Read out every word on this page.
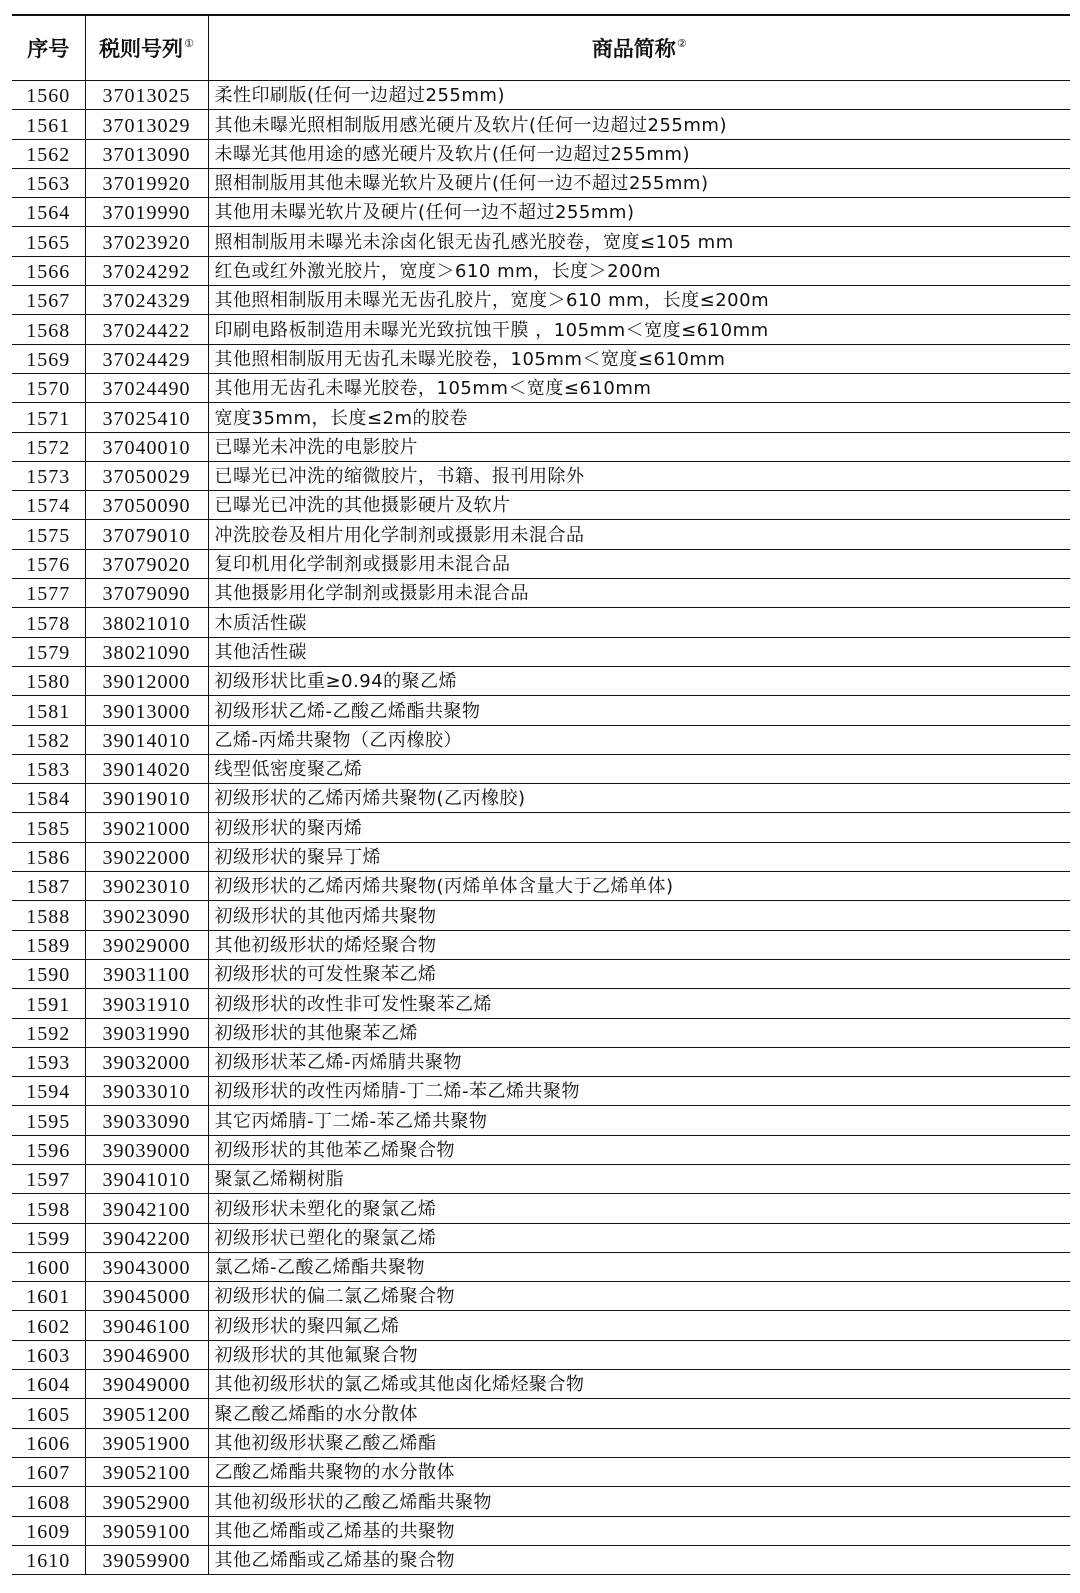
序号	税则号列①	商品简称②
1560	37013025	柔性印刷版(任何一边超过255mm)
1561	37013029	其他未曝光照相制版用感光硬片及软片(任何一边超过255mm)
1562	37013090	未曝光其他用途的感光硬片及软片(任何一边超过255mm)
1563	37019920	照相制版用其他未曝光软片及硬片(任何一边不超过255mm)
1564	37019990	其他用未曝光软片及硬片(任何一边不超过255mm)
1565	37023920	照相制版用未曝光未涂卤化银无齿孔感光胶卷，宽度≤105 mm
1566	37024292	红色或红外激光胶片，宽度＞610 mm，长度＞200m
1567	37024329	其他照相制版用未曝光无齿孔胶片，宽度＞610 mm，长度≤200m
1568	37024422	印刷电路板制造用未曝光光致抗蚀干膜 ，105mm＜宽度≤610mm
1569	37024429	其他照相制版用无齿孔未曝光胶卷，105mm＜宽度≤610mm
1570	37024490	其他用无齿孔未曝光胶卷，105mm＜宽度≤610mm
1571	37025410	宽度35mm，长度≤2m的胶卷
1572	37040010	已曝光未冲洗的电影胶片
1573	37050029	已曝光已冲洗的缩微胶片，书籍、报刊用除外
1574	37050090	已曝光已冲洗的其他摄影硬片及软片
1575	37079010	冲洗胶卷及相片用化学制剂或摄影用未混合品
1576	37079020	复印机用化学制剂或摄影用未混合品
1577	37079090	其他摄影用化学制剂或摄影用未混合品
1578	38021010	木质活性碳
1579	38021090	其他活性碳
1580	39012000	初级形状比重≥0.94的聚乙烯
1581	39013000	初级形状乙烯-乙酸乙烯酯共聚物
1582	39014010	乙烯-丙烯共聚物（乙丙橡胶）
1583	39014020	线型低密度聚乙烯
1584	39019010	初级形状的乙烯丙烯共聚物(乙丙橡胶)
1585	39021000	初级形状的聚丙烯
1586	39022000	初级形状的聚异丁烯
1587	39023010	初级形状的乙烯丙烯共聚物(丙烯单体含量大于乙烯单体)
1588	39023090	初级形状的其他丙烯共聚物
1589	39029000	其他初级形状的烯烃聚合物
1590	39031100	初级形状的可发性聚苯乙烯
1591	39031910	初级形状的改性非可发性聚苯乙烯
1592	39031990	初级形状的其他聚苯乙烯
1593	39032000	初级形状苯乙烯-丙烯腈共聚物
1594	39033010	初级形状的改性丙烯腈-丁二烯-苯乙烯共聚物
1595	39033090	其它丙烯腈-丁二烯-苯乙烯共聚物
1596	39039000	初级形状的其他苯乙烯聚合物
1597	39041010	聚氯乙烯糊树脂
1598	39042100	初级形状未塑化的聚氯乙烯
1599	39042200	初级形状已塑化的聚氯乙烯
1600	39043000	氯乙烯-乙酸乙烯酯共聚物
1601	39045000	初级形状的偏二氯乙烯聚合物
1602	39046100	初级形状的聚四氟乙烯
1603	39046900	初级形状的其他氟聚合物
1604	39049000	其他初级形状的氯乙烯或其他卤化烯烃聚合物
1605	39051200	聚乙酸乙烯酯的水分散体
1606	39051900	其他初级形状聚乙酸乙烯酯
1607	39052100	乙酸乙烯酯共聚物的水分散体
1608	39052900	其他初级形状的乙酸乙烯酯共聚物
1609	39059100	其他乙烯酯或乙烯基的共聚物
1610	39059900	其他乙烯酯或乙烯基的聚合物
